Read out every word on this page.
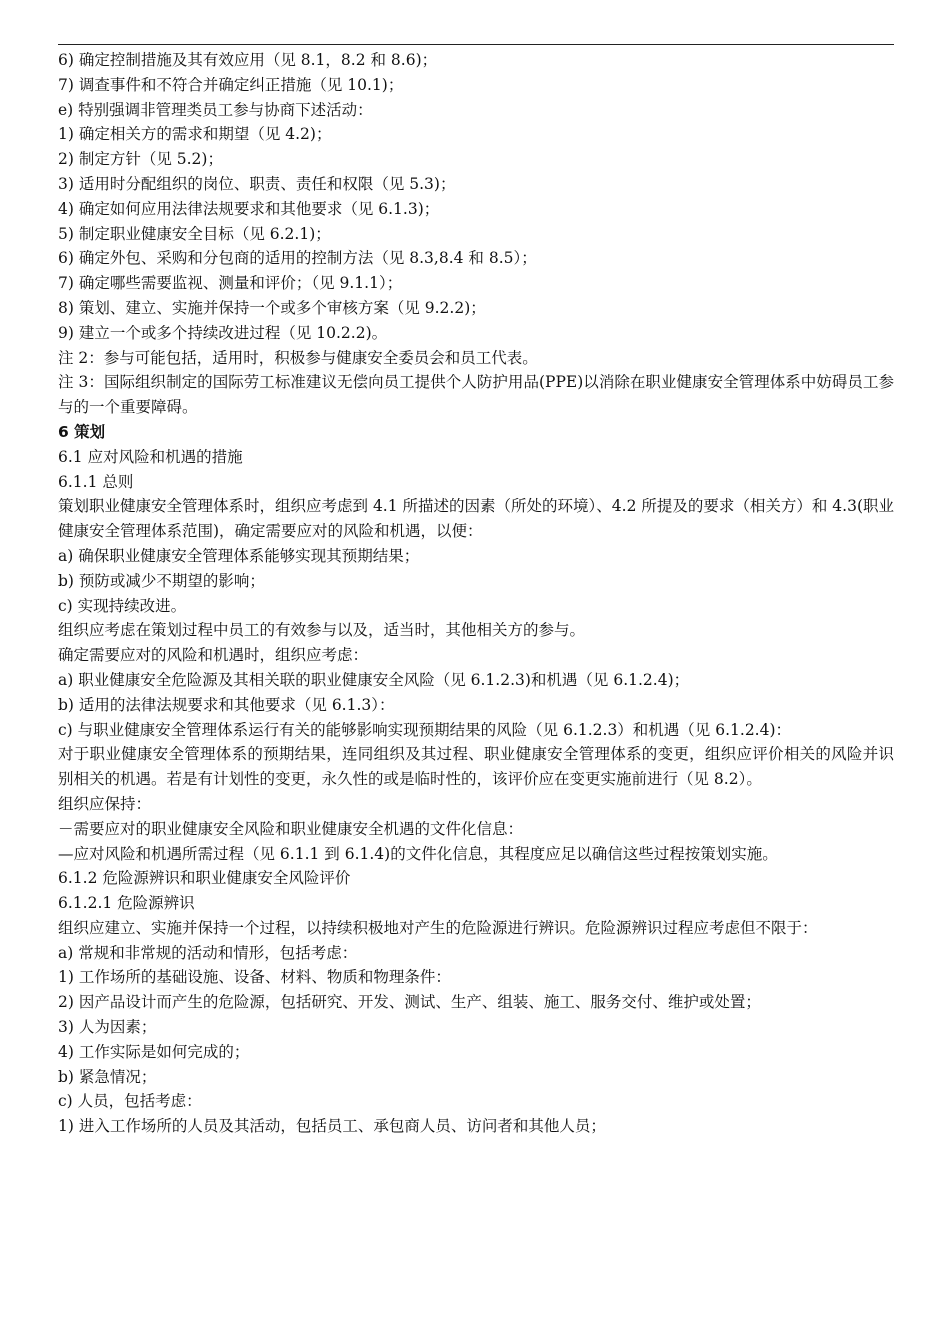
6) 确定控制措施及其有效应用（见 8.1，8.2 和 8.6)；

7) 调查事件和不符合并确定纠正措施（见 10.1)；

e) 特别强调非管理类员工参与协商下述活动：

1) 确定相关方的需求和期望（见 4.2)；

2) 制定方针（见 5.2)；

3) 适用时分配组织的岗位、职责、责任和权限（见 5.3)；

4) 确定如何应用法律法规要求和其他要求（见 6.1.3)；

5) 制定职业健康安全目标（见 6.2.1)；

6) 确定外包、采购和分包商的适用的控制方法（见 8.3,8.4 和 8.5）；

7) 确定哪些需要监视、测量和评价；（见 9.1.1）；

8) 策划、建立、实施并保持一个或多个审核方案（见 9.2.2)；

9) 建立一个或多个持续改进过程（见 10.2.2)。

注 2：参与可能包括，适用时，积极参与健康安全委员会和员工代表。

注 3：国际组织制定的国际劳工标准建议无偿向员工提供个人防护用品(PPE)以消除在职业健康安全管理体系中妨碍员工参与的一个重要障碍。

6 策划

6.1 应对风险和机遇的措施

6.1.1 总则

策划职业健康安全管理体系时，组织应考虑到 4.1 所描述的因素（所处的环境）、4.2 所提及的要求（相关方）和 4.3(职业健康安全管理体系范围)，确定需要应对的风险和机遇，以便：

a) 确保职业健康安全管理体系能够实现其预期结果；

b) 预防或减少不期望的影响；

c) 实现持续改进。

组织应考虑在策划过程中员工的有效参与以及，适当时，其他相关方的参与。

确定需要应对的风险和机遇时，组织应考虑：

a) 职业健康安全危险源及其相关联的职业健康安全风险（见 6.1.2.3)和机遇（见 6.1.2.4)；

b) 适用的法律法规要求和其他要求（见 6.1.3）：

c) 与职业健康安全管理体系运行有关的能够影响实现预期结果的风险（见 6.1.2.3）和机遇（见 6.1.2.4)：

对于职业健康安全管理体系的预期结果，连同组织及其过程、职业健康安全管理体系的变更，组织应评价相关的风险并识别相关的机遇。若是有计划性的变更，永久性的或是临时性的，该评价应在变更实施前进行（见 8.2）。

组织应保持：

－需要应对的职业健康安全风险和职业健康安全机遇的文件化信息：

—应对风险和机遇所需过程（见 6.1.1 到 6.1.4)的文件化信息，其程度应足以确信这些过程按策划实施。

6.1.2 危险源辨识和职业健康安全风险评价

6.1.2.1 危险源辨识

组织应建立、实施并保持一个过程，以持续积极地对产生的危险源进行辨识。危险源辨识过程应考虑但不限于：

a) 常规和非常规的活动和情形，包括考虑：

1) 工作场所的基础设施、设备、材料、物质和物理条件：

2) 因产品设计而产生的危险源，包括研究、开发、测试、生产、组装、施工、服务交付、维护或处置；

3) 人为因素；

4) 工作实际是如何完成的；

b) 紧急情况；

c) 人员，包括考虑：

1) 进入工作场所的人员及其活动，包括员工、承包商人员、访问者和其他人员；
